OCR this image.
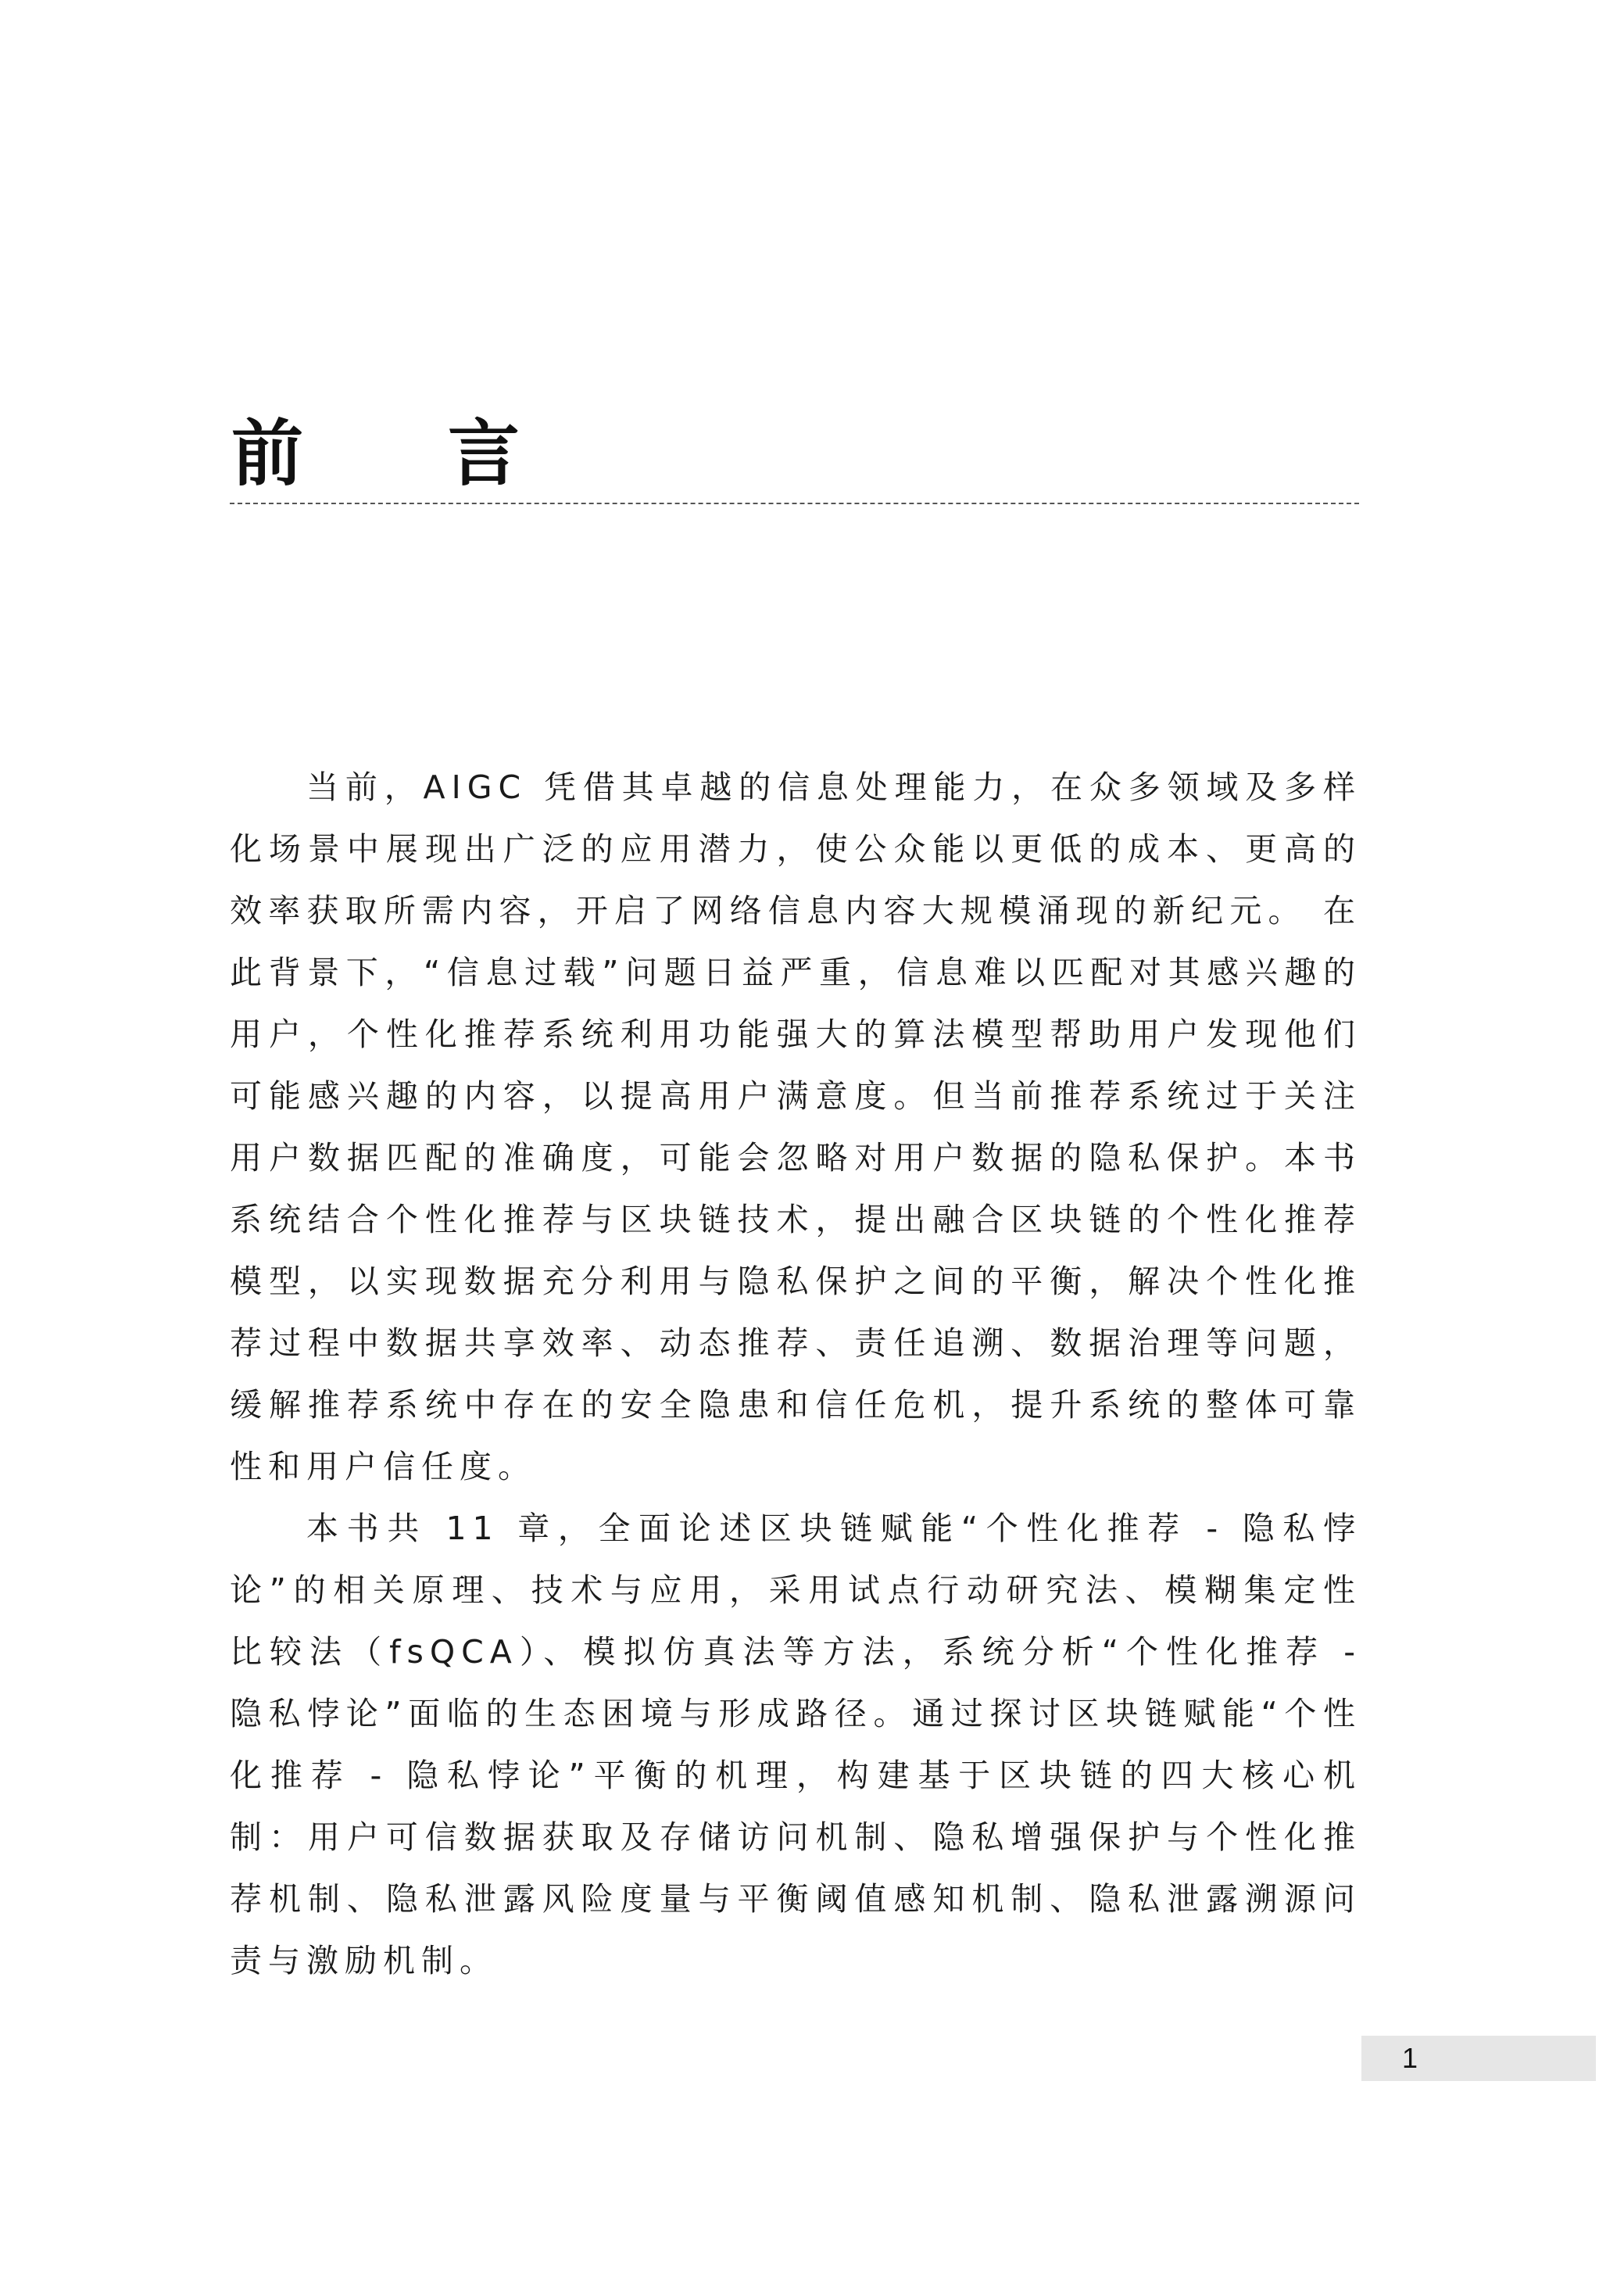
前言

当前，AIGC 凭借其卓越的信息处理能力，在众多领域及多样化场景中展现出广泛的应用潜力，使公众能以更低的成本、更高的效率获取所需内容，开启了网络信息内容大规模涌现的新纪元。 在此背景下，“信息过载”问题日益严重，信息难以匹配对其感兴趣的用户，个性化推荐系统利用功能强大的算法模型帮助用户发现他们可能感兴趣的内容，以提高用户满意度。但当前推荐系统过于关注用户数据匹配的准确度，可能会忽略对用户数据的隐私保护。本书系统结合个性化推荐与区块链技术，提出融合区块链的个性化推荐模型，以实现数据充分利用与隐私保护之间的平衡，解决个性化推荐过程中数据共享效率、动态推荐、责任追溯、数据治理等问题，缓解推荐系统中存在的安全隐患和信任危机，提升系统的整体可靠性和用户信任度。

本书共 11 章，全面论述区块链赋能“个性化推荐 - 隐私悖论”的相关原理、技术与应用，采用试点行动研究法、模糊集定性比较法（fsQCA）、模拟仿真法等方法，系统分析“个性化推荐 - 隐私悖论”面临的生态困境与形成路径。通过探讨区块链赋能“个性化推荐 - 隐私悖论”平衡的机理，构建基于区块链的四大核心机制：用户可信数据获取及存储访问机制、隐私增强保护与个性化推荐机制、隐私泄露风险度量与平衡阈值感知机制、隐私泄露溯源问责与激励机制。

1
